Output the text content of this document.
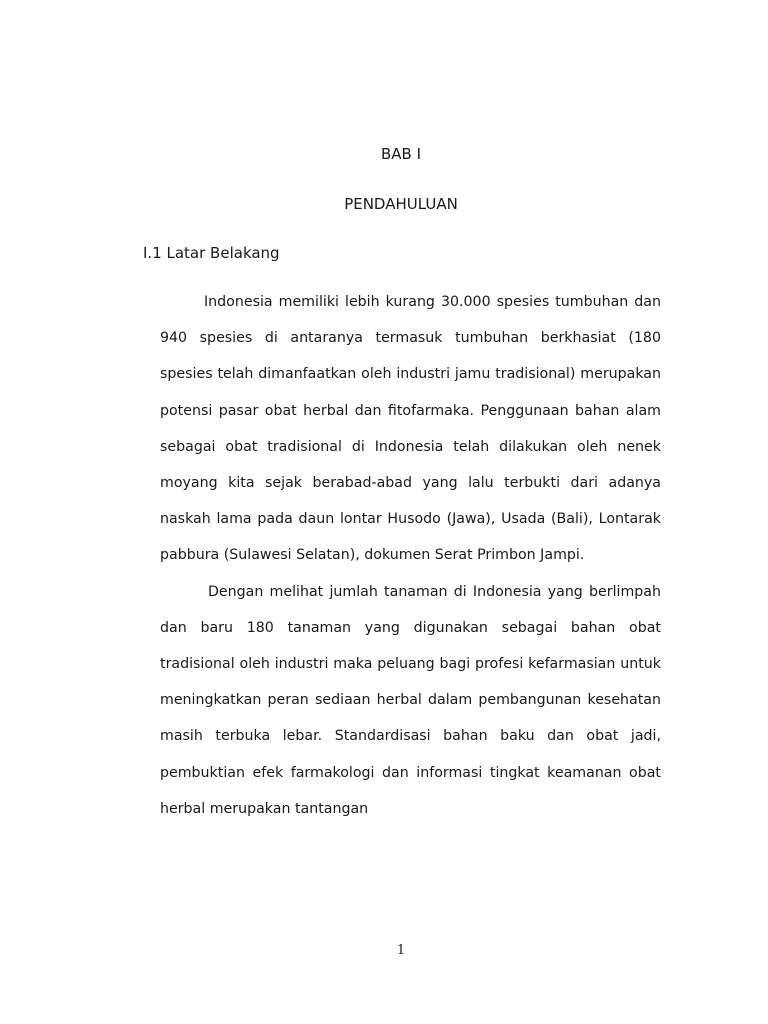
BAB I
PENDAHULUAN
I.1 Latar Belakang

Indonesia memiliki lebih kurang 30.000 spesies tumbuhan dan 940 spesies di antaranya termasuk tumbuhan berkhasiat (180 spesies telah dimanfaatkan oleh industri jamu tradisional) merupakan potensi pasar obat herbal dan fitofarmaka. Penggunaan bahan alam sebagai obat tradisional di Indonesia telah dilakukan oleh nenek moyang kita sejak berabad-abad yang lalu terbukti dari adanya naskah lama pada daun lontar Husodo (Jawa), Usada (Bali), Lontarak pabbura (Sulawesi Selatan), dokumen Serat Primbon Jampi.

Dengan melihat jumlah tanaman di Indonesia yang berlimpah dan baru 180 tanaman yang digunakan sebagai bahan obat tradisional oleh industri maka peluang bagi profesi kefarmasian untuk meningkatkan peran sediaan herbal dalam pembangunan kesehatan masih terbuka lebar. Standardisasi bahan baku dan obat jadi, pembuktian efek farmakologi dan informasi tingkat keamanan obat herbal merupakan tantangan

1
